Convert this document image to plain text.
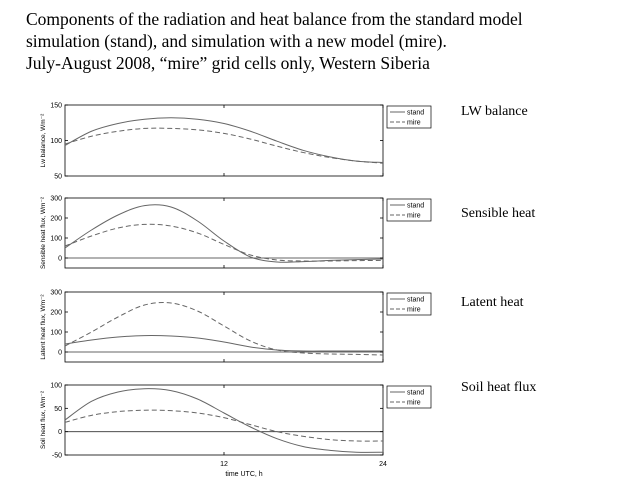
Components of the radiation and heat balance from the standard model
simulation (stand), and simulation with a new model (mire).
July-August 2008, “mire” grid cells only, Western Siberia
50
100
150
Lw balance, Wm⁻²
stand
mire
0
100
200
300
Sensible heat flux, Wm⁻²	stand
mire
0
100
200
300
Latent heat flux, Wm⁻²	stand
mire
-50
0
50
100
12	24
Soil heat flux, Wm⁻²
time UTC, h
stand
mire
LW balance
Sensible heat
Latent heat
Soil heat flux
